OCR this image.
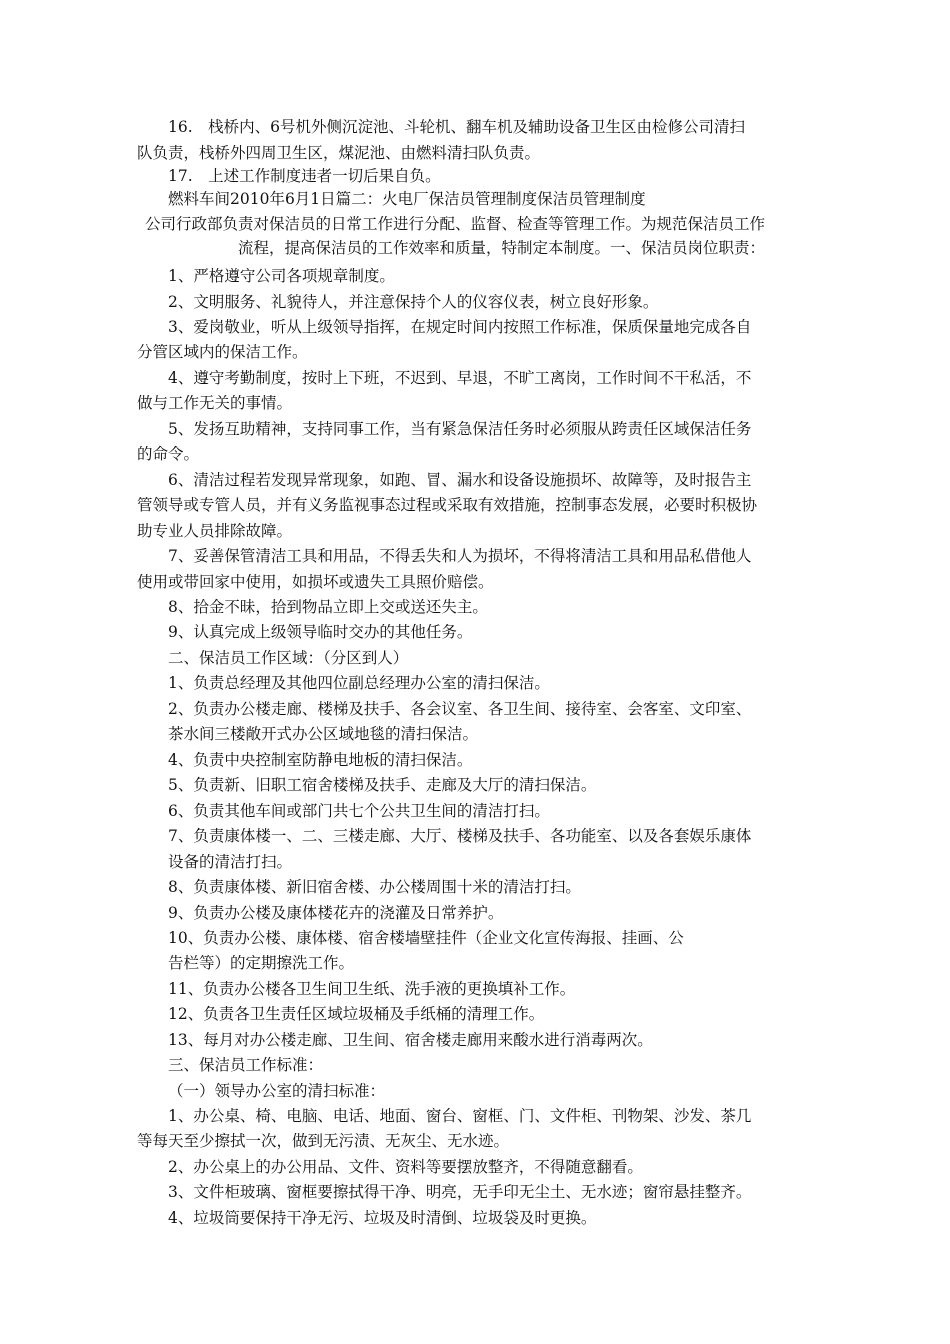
16.　栈桥内、6号机外侧沉淀池、斗轮机、翻车机及辅助设备卫生区由检修公司清扫
队负责，栈桥外四周卫生区，煤泥池、由燃料清扫队负责。
17.　上述工作制度违者一切后果自负。
燃料车间2010年6月1日篇二：火电厂保洁员管理制度保洁员管理制度
公司行政部负责对保洁员的日常工作进行分配、监督、检查等管理工作。为规范保洁员工作
流程，提高保洁员的工作效率和质量，特制定本制度。一、保洁员岗位职责：
1、严格遵守公司各项规章制度。
2、文明服务、礼貌待人，并注意保持个人的仪容仪表，树立良好形象。
3、爱岗敬业，听从上级领导指挥，在规定时间内按照工作标准，保质保量地完成各自
分管区域内的保洁工作。
4、遵守考勤制度，按时上下班，不迟到、早退，不旷工离岗，工作时间不干私活，不
做与工作无关的事情。
5、发扬互助精神，支持同事工作，当有紧急保洁任务时必须服从跨责任区域保洁任务
的命令。
6、清洁过程若发现异常现象，如跑、冒、漏水和设备设施损坏、故障等，及时报告主
管领导或专管人员，并有义务监视事态过程或采取有效措施，控制事态发展，必要时积极协
助专业人员排除故障。
7、妥善保管清洁工具和用品，不得丢失和人为损坏，不得将清洁工具和用品私借他人
使用或带回家中使用，如损坏或遗失工具照价赔偿。
8、拾金不昧，拾到物品立即上交或送还失主。
9、认真完成上级领导临时交办的其他任务。
二、保洁员工作区域：（分区到人）
1、负责总经理及其他四位副总经理办公室的清扫保洁。
2、负责办公楼走廊、楼梯及扶手、各会议室、各卫生间、接待室、会客室、文印室、
茶水间三楼敞开式办公区域地毯的清扫保洁。
4、负责中央控制室防静电地板的清扫保洁。
5、负责新、旧职工宿舍楼梯及扶手、走廊及大厅的清扫保洁。
6、负责其他车间或部门共七个公共卫生间的清洁打扫。
7、负责康体楼一、二、三楼走廊、大厅、楼梯及扶手、各功能室、以及各套娱乐康体
设备的清洁打扫。
8、负责康体楼、新旧宿舍楼、办公楼周围十米的清洁打扫。
9、负责办公楼及康体楼花卉的浇灌及日常养护。
10、负责办公楼、康体楼、宿舍楼墙壁挂件（企业文化宣传海报、挂画、公
告栏等）的定期擦洗工作。
11、负责办公楼各卫生间卫生纸、洗手液的更换填补工作。
12、负责各卫生责任区域垃圾桶及手纸桶的清理工作。
13、每月对办公楼走廊、卫生间、宿舍楼走廊用来酸水进行消毒两次。
三、保洁员工作标准：
（一）领导办公室的清扫标准：
1、办公桌、椅、电脑、电话、地面、窗台、窗框、门、文件柜、刊物架、沙发、茶几
等每天至少擦拭一次，做到无污渍、无灰尘、无水迹。
2、办公桌上的办公用品、文件、资料等要摆放整齐，不得随意翻看。
3、文件柜玻璃、窗框要擦拭得干净、明亮，无手印无尘土、无水迹；窗帘悬挂整齐。
4、垃圾筒要保持干净无污、垃圾及时清倒、垃圾袋及时更换。
